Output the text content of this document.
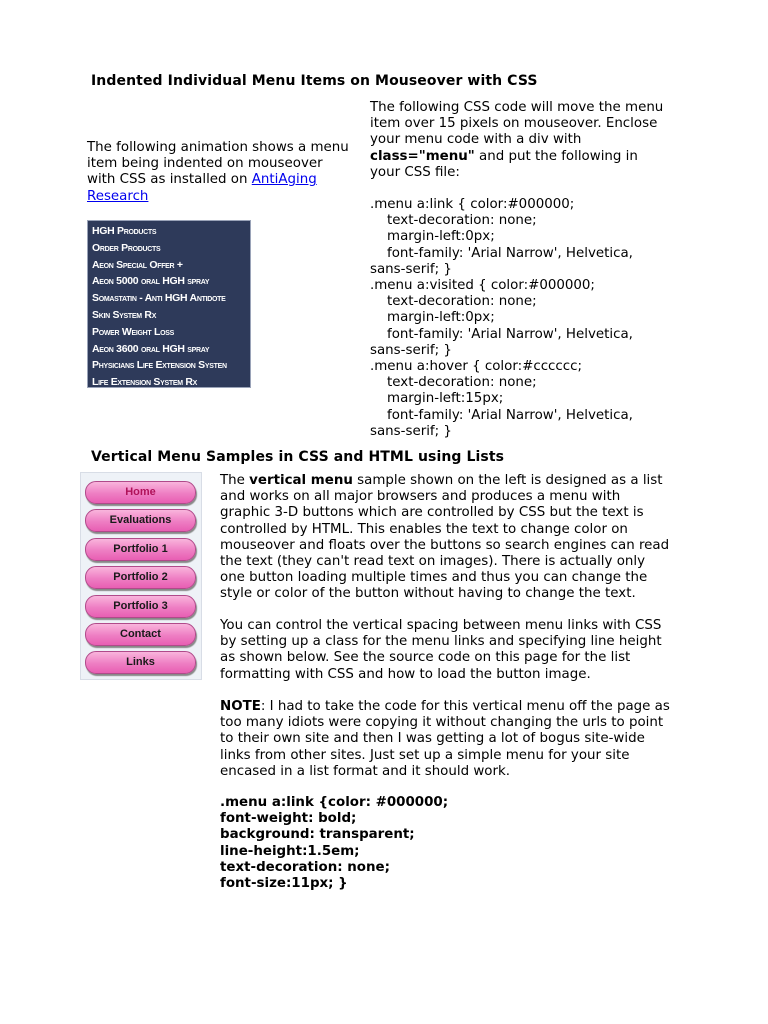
Indented Individual Menu Items on Mouseover with CSS
The following animation shows a menu
item being indented on mouseover
with CSS as installed on AntiAging
Research
HGH Products
Order Products
Aeon Special Offer +
Aeon 5000 oral HGH spray
Somastatin - Anti HGH Antidote
Skin System Rx
Power Weight Loss
Aeon 3600 oral HGH spray
Physicians Life Extension Systen
Life Extension System Rx
The following CSS code will move the menu
item over 15 pixels on mouseover. Enclose
your menu code with a div with
class="menu" and put the following in
your CSS file:
.menu a:link { color:#000000;
text-decoration: none;
margin-left:0px;
font-family: 'Arial Narrow', Helvetica,
sans-serif; }
.menu a:visited { color:#000000;
text-decoration: none;
margin-left:0px;
font-family: 'Arial Narrow', Helvetica,
sans-serif; }
.menu a:hover { color:#cccccc;
text-decoration: none;
margin-left:15px;
font-family: 'Arial Narrow', Helvetica,
sans-serif; }
Vertical Menu Samples in CSS and HTML using Lists
Home
Evaluations
Portfolio 1
Portfolio 2
Portfolio 3
Contact
Links
The vertical menu sample shown on the left is designed as a list
and works on all major browsers and produces a menu with
graphic 3-D buttons which are controlled by CSS but the text is
controlled by HTML. This enables the text to change color on
mouseover and floats over the buttons so search engines can read
the text (they can't read text on images). There is actually only
one button loading multiple times and thus you can change the
style or color of the button without having to change the text.
You can control the vertical spacing between menu links with CSS
by setting up a class for the menu links and specifying line height
as shown below. See the source code on this page for the list
formatting with CSS and how to load the button image.
NOTE: I had to take the code for this vertical menu off the page as
too many idiots were copying it without changing the urls to point
to their own site and then I was getting a lot of bogus site-wide
links from other sites. Just set up a simple menu for your site
encased in a list format and it should work.
.menu a:link {color: #000000;
font-weight: bold;
background: transparent;
line-height:1.5em;
text-decoration: none;
font-size:11px; }
